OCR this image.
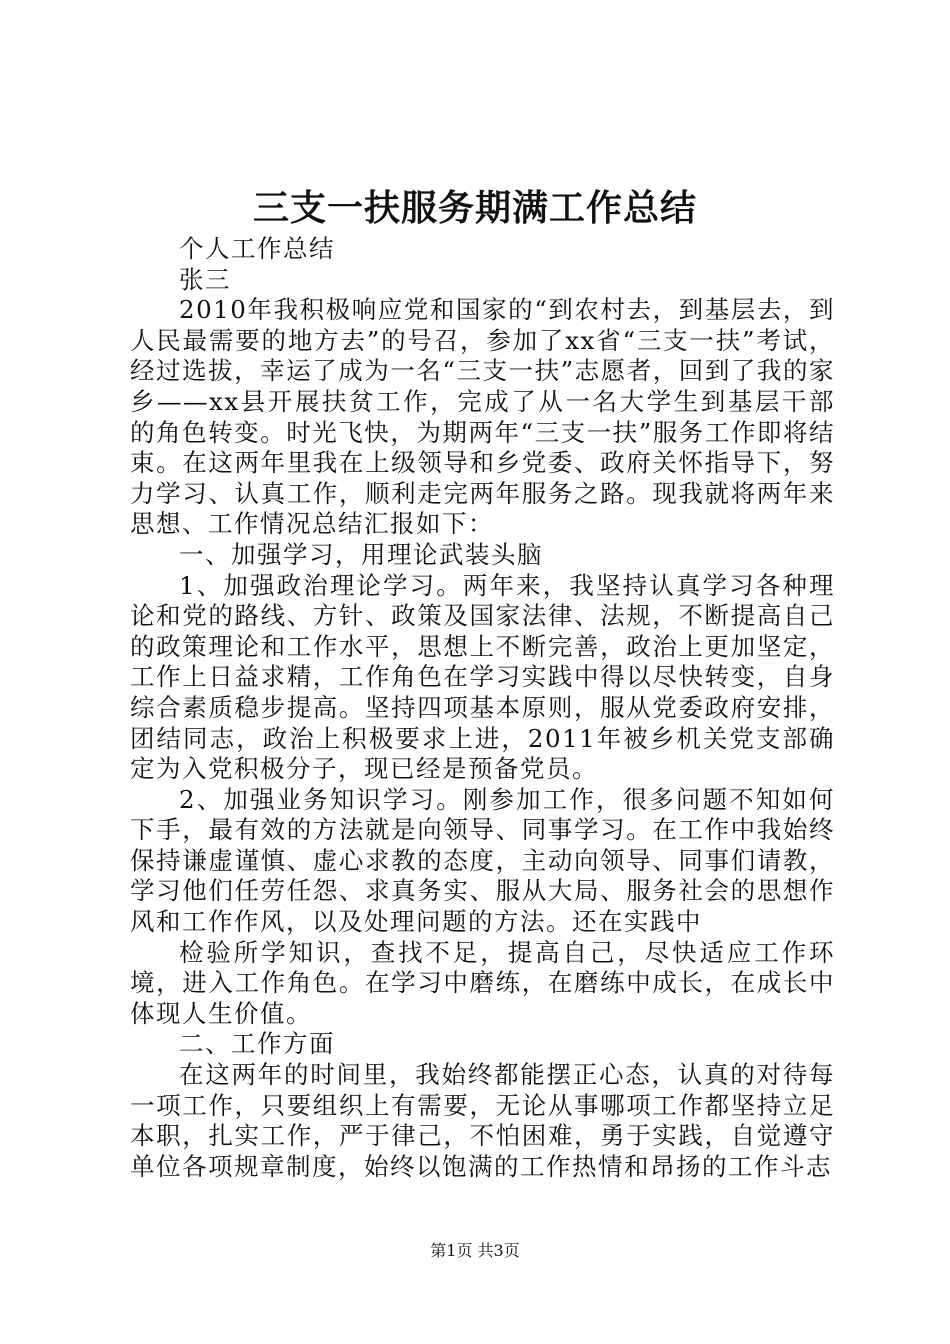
三支一扶服务期满工作总结

个人工作总结

张三

2010年我积极响应党和国家的“到农村去，到基层去，到人民最需要的地方去”的号召，参加了xx省“三支一扶”考试，经过选拔，幸运了成为一名“三支一扶”志愿者，回到了我的家乡——xx县开展扶贫工作，完成了从一名大学生到基层干部的角色转变。时光飞快，为期两年“三支一扶”服务工作即将结束。在这两年里我在上级领导和乡党委、政府关怀指导下，努力学习、认真工作，顺利走完两年服务之路。现我就将两年来思想、工作情况总结汇报如下：

一、加强学习，用理论武装头脑

1、加强政治理论学习。两年来，我坚持认真学习各种理论和党的路线、方针、政策及国家法律、法规，不断提高自己的政策理论和工作水平，思想上不断完善，政治上更加坚定，工作上日益求精，工作角色在学习实践中得以尽快转变，自身综合素质稳步提高。坚持四项基本原则，服从党委政府安排，团结同志，政治上积极要求上进，2011年被乡机关党支部确定为入党积极分子，现已经是预备党员。

2、加强业务知识学习。刚参加工作，很多问题不知如何下手，最有效的方法就是向领导、同事学习。在工作中我始终保持谦虚谨慎、虚心求教的态度，主动向领导、同事们请教，学习他们任劳任怨、求真务实、服从大局、服务社会的思想作风和工作作风，以及处理问题的方法。还在实践中

检验所学知识，查找不足，提高自己，尽快适应工作环境，进入工作角色。在学习中磨练，在磨练中成长，在成长中体现人生价值。

二、工作方面

在这两年的时间里，我始终都能摆正心态，认真的对待每一项工作，只要组织上有需要，无论从事哪项工作都坚持立足本职，扎实工作，严于律己，不怕困难，勇于实践，自觉遵守单位各项规章制度，始终以饱满的工作热情和昂扬的工作斗志

第1页 共3页
